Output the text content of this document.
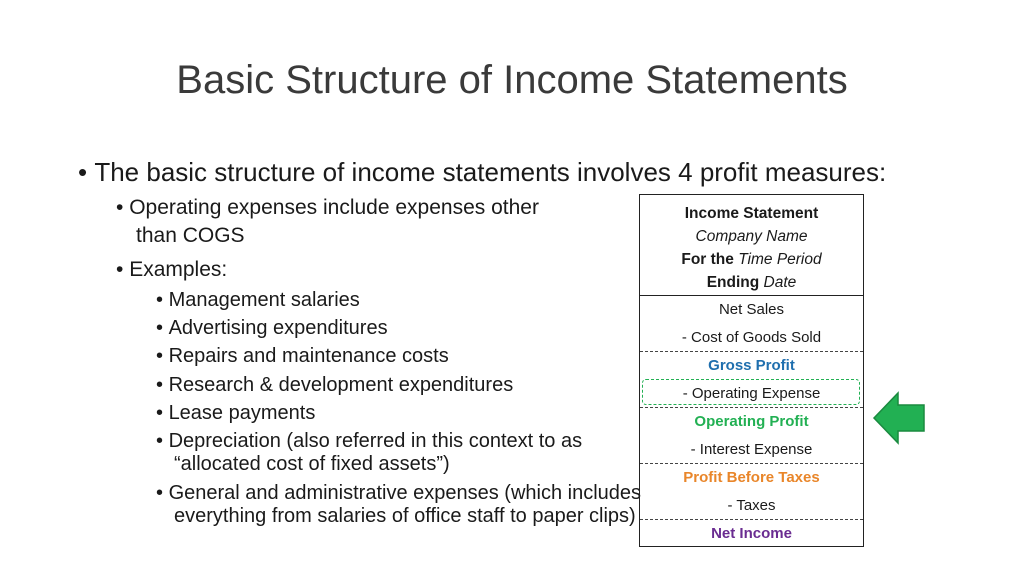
Basic Structure of Income Statements
• The basic structure of income statements involves 4 profit measures:
• Operating expenses include expenses other
than COGS
• Examples:
• Management salaries
• Advertising expenditures
• Repairs and maintenance costs
• Research & development expenditures
• Lease payments
• Depreciation (also referred in this context to as
“allocated cost of fixed assets”)
• General and administrative expenses (which includes
everything from salaries of office staff to paper clips)
Income Statement
Company Name
For the Time Period
Ending Date
Net Sales
- Cost of Goods Sold
Gross Profit
- Operating Expense
Operating Profit
- Interest Expense
Profit Before Taxes
- Taxes
Net Income
